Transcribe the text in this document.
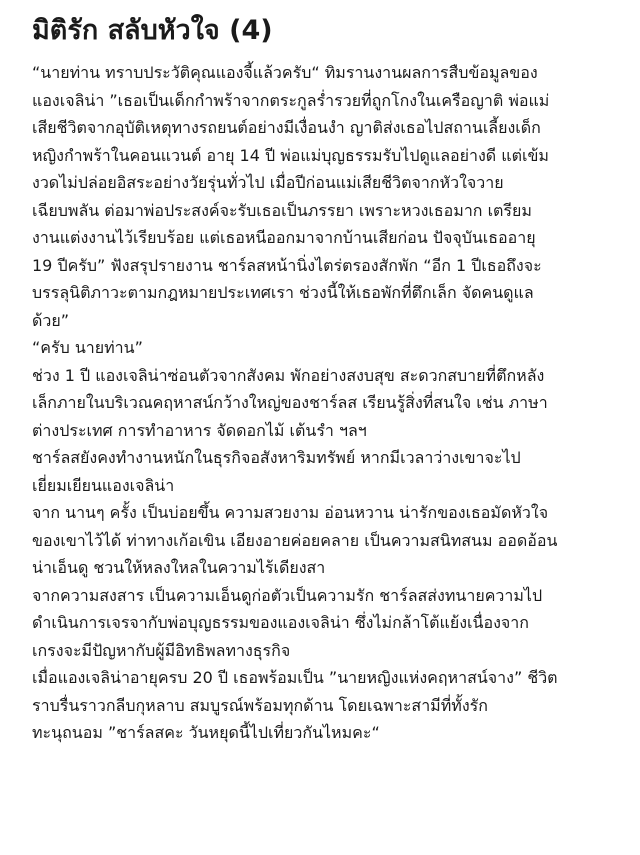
มิติรัก สลับหัวใจ (4)
“นายท่าน ทราบประวัติคุณแองจี้แล้วครับ“ ทิมรานงานผลการสืบข้อมูลของ
แองเจลิน่า ”เธอเป็นเด็กกำพร้าจากตระกูลร่ำรวยที่ถูกโกงในเครือญาติ พ่อแม่
เสียชีวิตจากอุบัติเหตุทางรถยนต์อย่างมีเงื่อนงำ ญาติส่งเธอไปสถานเลี้ยงเด็ก
หญิงกำพร้าในคอนแวนต์ อายุ 14 ปี พ่อแม่บุญธรรมรับไปดูแลอย่างดี แต่เข้ม
งวดไม่ปล่อยอิสระอย่างวัยรุ่นทั่วไป เมื่อปีก่อนแม่เสียชีวิตจากหัวใจวาย
เฉียบพลัน ต่อมาพ่อประสงค์จะรับเธอเป็นภรรยา เพราะหวงเธอมาก เตรียม
งานแต่งงานไว้เรียบร้อย แต่เธอหนีออกมาจากบ้านเสียก่อน ปัจจุบันเธออายุ
19 ปีครับ” ฟังสรุปรายงาน ชาร์ลสหน้านิ่งไตร่ตรองสักพัก “อีก 1 ปีเธอถึงจะ
บรรลุนิติภาวะตามกฎหมายประเทศเรา ช่วงนี้ให้เธอพักที่ตึกเล็ก จัดคนดูแล
ด้วย”
“ครับ นายท่าน”
ช่วง 1 ปี แองเจลิน่าซ่อนตัวจากสังคม พักอย่างสงบสุข สะดวกสบายที่ตึกหลัง
เล็กภายในบริเวณคฤหาสน์กว้างใหญ่ของชาร์ลส เรียนรู้สิ่งที่สนใจ เช่น ภาษา
ต่างประเทศ การทำอาหาร จัดดอกไม้ เต้นรำ ฯลฯ
ชาร์ลสยังคงทำงานหนักในธุรกิจอสังหาริมทรัพย์ หากมีเวลาว่างเขาจะไป
เยี่ยมเยียนแองเจลิน่า
จาก นานๆ ครั้ง เป็นบ่อยขึ้น ความสวยงาม อ่อนหวาน น่ารักของเธอมัดหัวใจ
ของเขาไว้ได้ ท่าทางเก้อเขิน เอียงอายค่อยคลาย เป็นความสนิทสนม ออดอ้อน
น่าเอ็นดู ชวนให้หลงใหลในความไร้เดียงสา
จากความสงสาร เป็นความเอ็นดูก่อตัวเป็นความรัก ชาร์ลสส่งทนายความไป
ดำเนินการเจรจากับพ่อบุญธรรมของแองเจลิน่า ซึ่งไม่กล้าโต้แย้งเนื่องจาก
เกรงจะมีปัญหากับผู้มีอิทธิพลทางธุรกิจ
เมื่อแองเจลิน่าอายุครบ 20 ปี เธอพร้อมเป็น ”นายหญิงแห่งคฤหาสน์จาง” ชีวิต
ราบรื่นราวกลีบกุหลาบ สมบูรณ์พร้อมทุกด้าน โดยเฉพาะสามีที่ทั้งรัก
ทะนุถนอม ”ชาร์ลสคะ วันหยุดนี้ไปเที่ยวกันไหมคะ“
